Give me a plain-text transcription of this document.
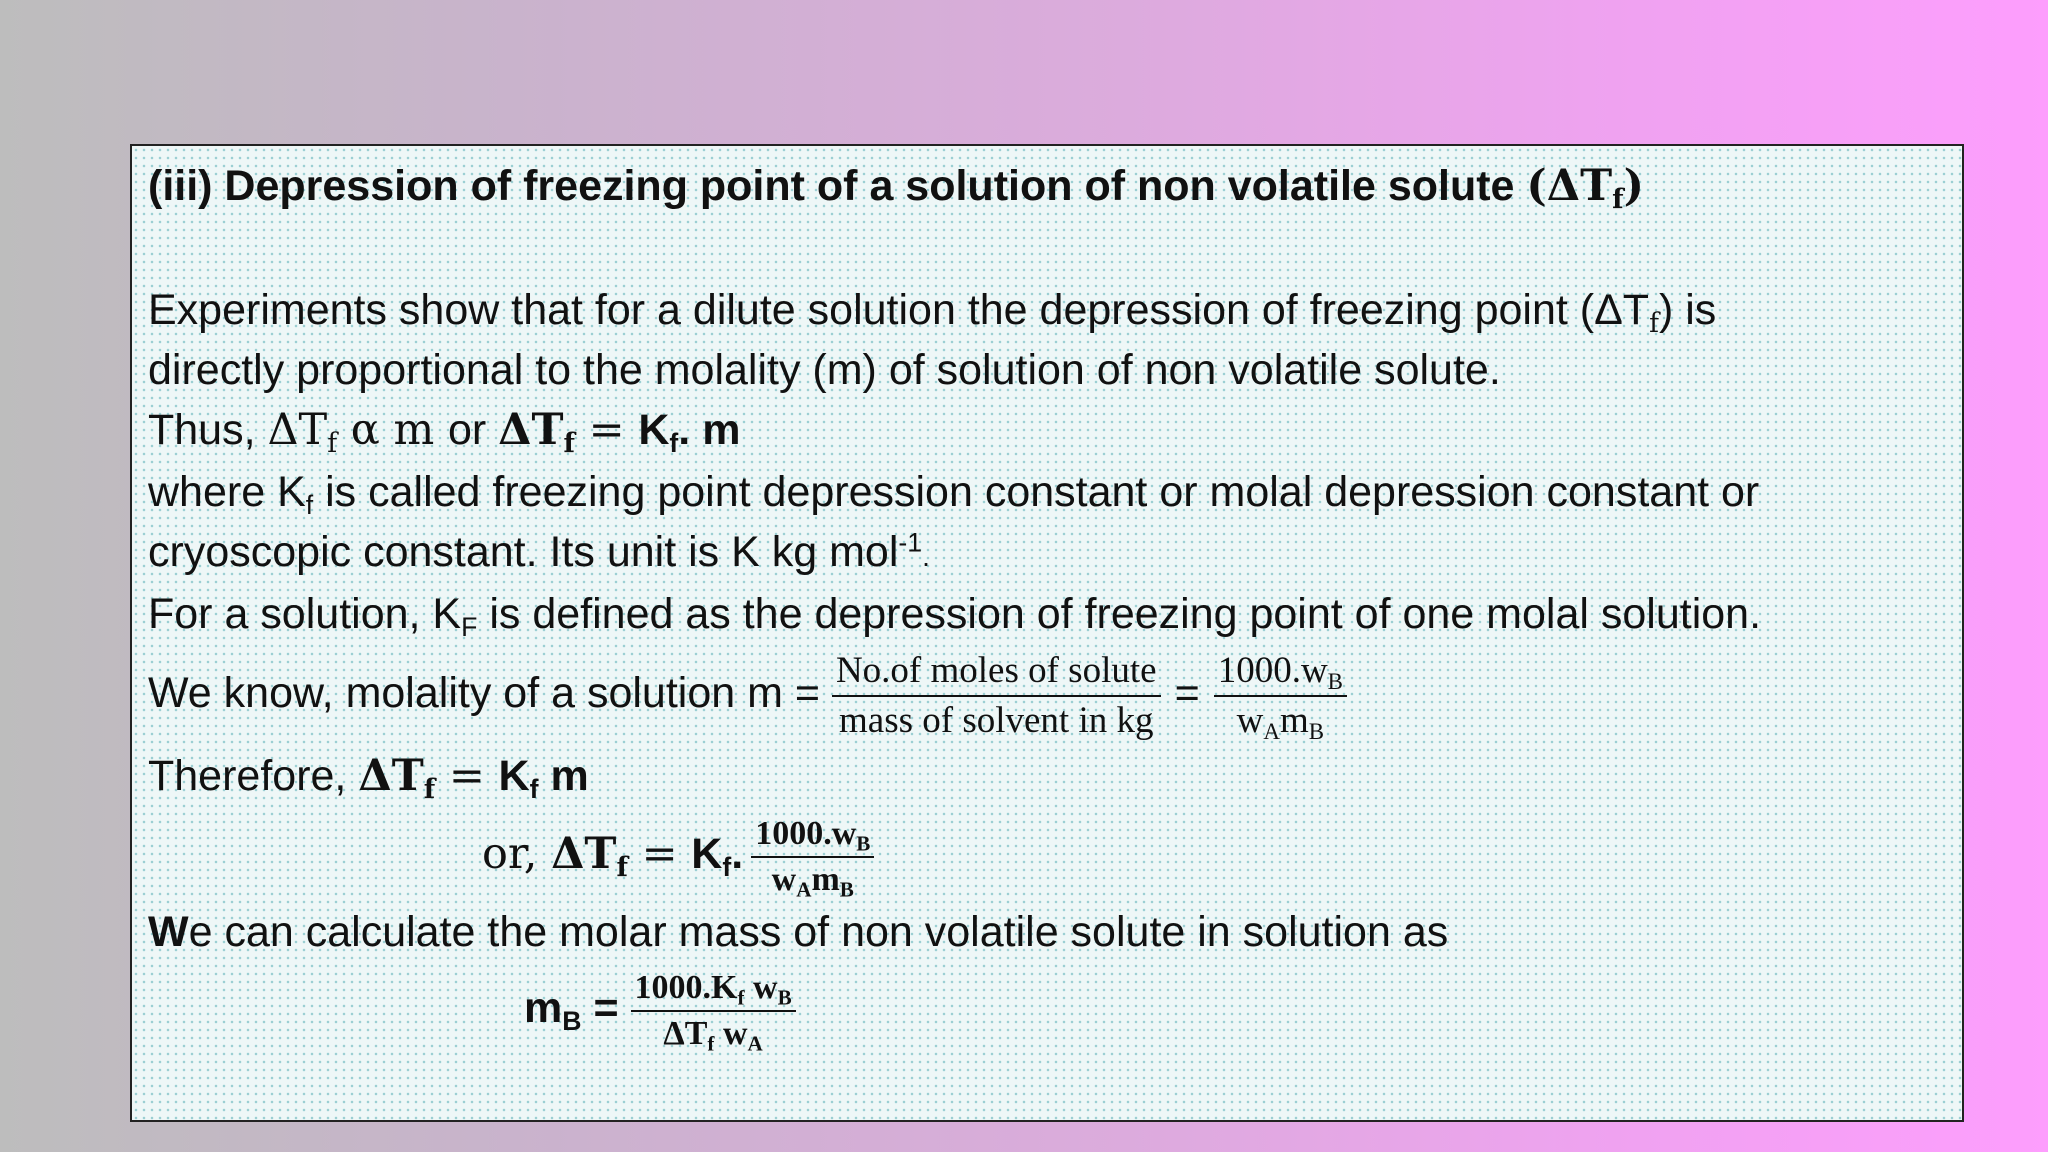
(iii) Depression of freezing point of a solution of non volatile solute $(\Delta T_f)$
Experiments show that for a dilute solution the depression of freezing point $(\Delta T_f)$ is
directly proportional to the molality (m) of solution of non volatile solute.
Thus, $\Delta T_f$ α m or $\Delta T_f = K_f$. m
where $K_f$ is called freezing point depression constant or molal depression constant or
cryoscopic constant. Its unit is K kg mol$^{-1}$.
For a solution, $K_F$ is defined as the depression of freezing point of one molal solution.
We know, molality of a solution $m = \frac{\text{No.of moles of solute}}{\text{mass of solvent in kg}} = \frac{1000.w_B}{w_Am_B}$
Therefore, $\Delta T_f = K_f$ m
or, $\Delta T_f = K_f$. $\frac{1000.w_B}{w_Am_B}$
We can calculate the molar mass of non volatile solute in solution as
$m_B = \frac{1000.K_f w_B}{\Delta T_f w_A}$
